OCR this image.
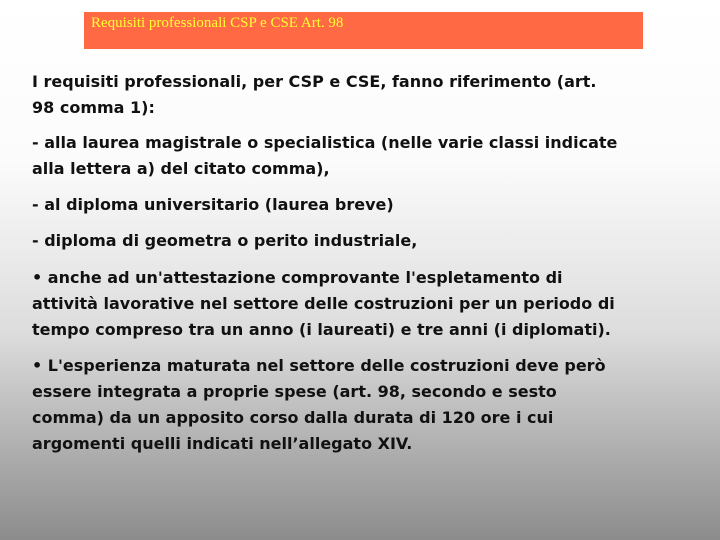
Requisiti professionali CSP e CSE Art. 98

I requisiti professionali, per CSP e CSE, fanno riferimento (art.
98 comma 1):

- alla laurea magistrale o specialistica (nelle varie classi indicate
alla lettera a) del citato comma),

- al diploma universitario (laurea breve)

- diploma di geometra o perito industriale,

• anche ad un'attestazione comprovante l'espletamento di
attività lavorative nel settore delle costruzioni per un periodo di
tempo compreso tra un anno (i laureati) e tre anni (i diplomati).

• L'esperienza maturata nel settore delle costruzioni deve però
essere integrata a proprie spese (art. 98, secondo e sesto
comma) da un apposito corso dalla durata di 120 ore i cui
argomenti quelli indicati nell’allegato XIV.
